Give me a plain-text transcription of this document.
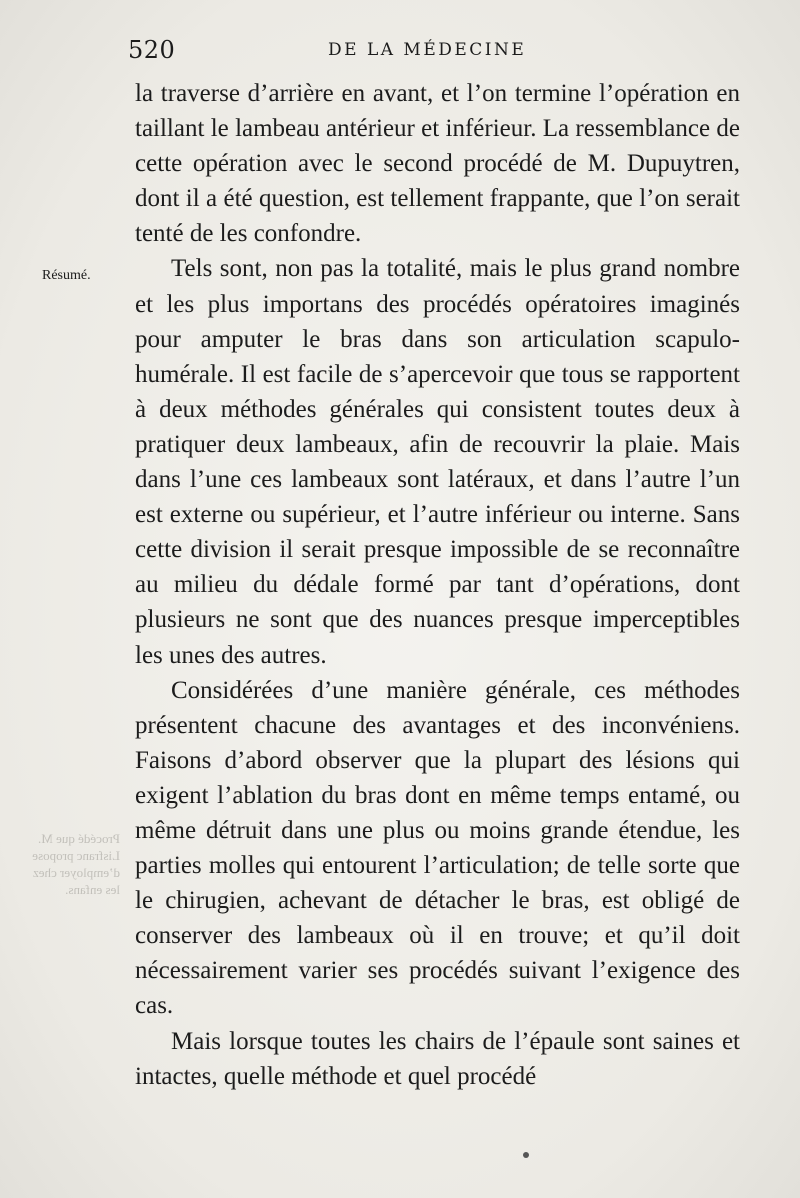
520	DE LA MÉDECINE
Résumé.
Procédé que M. Lisfranc propose d’employer chez les enfans.

la traverse d’arrière en avant, et l’on termine l’opération en taillant le lambeau antérieur et inférieur. La ressemblance de cette opération avec le second procédé de M. Dupuytren, dont il a été question, est tellement frappante, que l’on serait tenté de les confondre.

Tels sont, non pas la totalité, mais le plus grand nombre et les plus importans des procédés opératoires imaginés pour amputer le bras dans son articulation scapulo-humérale. Il est facile de s’apercevoir que tous se rapportent à deux méthodes générales qui consistent toutes deux à pratiquer deux lambeaux, afin de recouvrir la plaie. Mais dans l’une ces lambeaux sont latéraux, et dans l’autre l’un est externe ou supérieur, et l’autre inférieur ou interne. Sans cette division il serait presque impossible de se reconnaître au milieu du dédale formé par tant d’opérations, dont plusieurs ne sont que des nuances presque imperceptibles les unes des autres.

Considérées d’une manière générale, ces méthodes présentent chacune des avantages et des inconvéniens. Faisons d’abord observer que la plupart des lésions qui exigent l’ablation du bras dont en même temps entamé, ou même détruit dans une plus ou moins grande étendue, les parties molles qui entourent l’articulation; de telle sorte que le chirugien, achevant de détacher le bras, est obligé de conserver des lambeaux où il en trouve; et qu’il doit nécessairement varier ses procédés suivant l’exigence des cas.

Mais lorsque toutes les chairs de l’épaule sont saines et intactes, quelle méthode et quel procédé
